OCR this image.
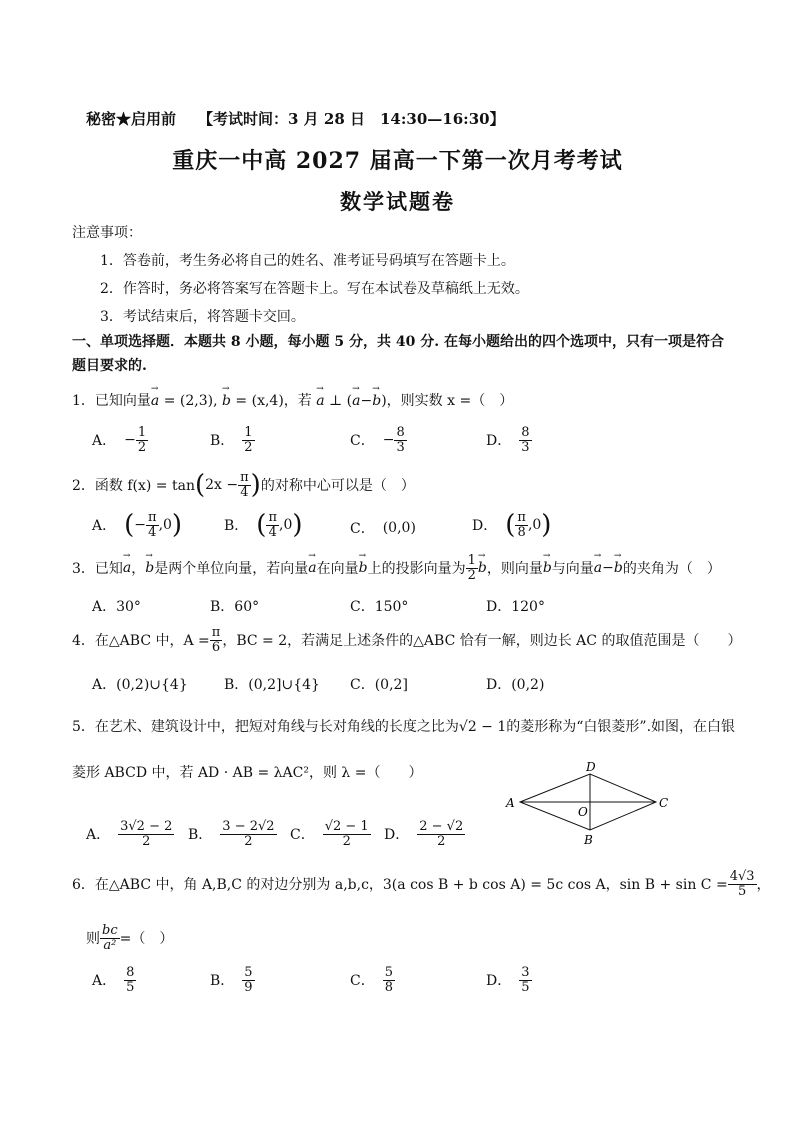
秘密★启用前 【考试时间：3 月 28 日　14:30—16:30】
重庆一中高 2027 届高一下第一次月考考试
数学试题卷
注意事项：
1．答卷前，考生务必将自己的姓名、准考证号码填写在答题卡上。
2．作答时，务必将答案写在答题卡上。写在本试卷及草稿纸上无效。
3．考试结束后，将答题卡交回。
一、单项选择题．本题共 8 小题，每小题 5 分，共 40 分. 在每小题给出的四个选项中，只有一项是符合题目要求的.
1．已知向量→ a = (2,3), → b = (x,4)，若 → a ⊥ (→ a−→ b)，则实数 x =（　）
A． − $\frac{1}{2}$	B． $\frac{1}{2}$	C． − $\frac{8}{3}$	D． $\frac{8}{3}$
2．函数 f(x) = tan ( $2x - \frac{\pi}{4}$ ) 的对称中心可以是（　）
A． ( − $\frac{\pi}{4} ,0$ )	B． ( $\frac{\pi}{4} ,0$ )	C． (0,0)	D． ( $\frac{\pi}{8} ,0$ )
3．已知
→ a ，
→ b 是两个单位向量，若向量
→ a 在向量
→ b 上的投影向量为 $\frac{1}{2}$
→ b ，则向量
→ b 与向量
→ a −
→ b 的夹角为（　）
A．30°	B．60°	C．150°	D．120°
4．在△ABC 中，$A = \frac{\pi}{6}$ ，BC = 2，若满足上述条件的△ABC 恰有一解，则边长 AC 的取值范围是（　　）
A．(0,2)∪{4}	B．(0,2]∪{4} C．(0,2]	D．(0,2)
5．在艺术、建筑设计中，把短对角线与长对角线的长度之比为√2 − 1的菱形称为“白银菱形”.如图，在白银
菱形 ABCD 中，若 AD · AB = λAC²，则 λ =（　　）
A
D
C
B
O
A． $\frac{3√2 - 2}{2}$ B． $\frac{3 - 2√2}{2}$ C． $\frac{√2 - 1}{2}$ D． $\frac{2 - √2}{2}$
6．在△ABC 中，角 A,B,C 的对边分别为 a,b,c，3(a cos B + b cos A) = 5c cos A，$\sin B + \sin C = \frac{4√3}{5}$ ，
则 $\frac{bc}{\text{a²}}$ =（　）
A． $\frac{8}{5}$	B． $\frac{5}{9}$	C． $\frac{5}{8}$	D． $\frac{3}{5}$
